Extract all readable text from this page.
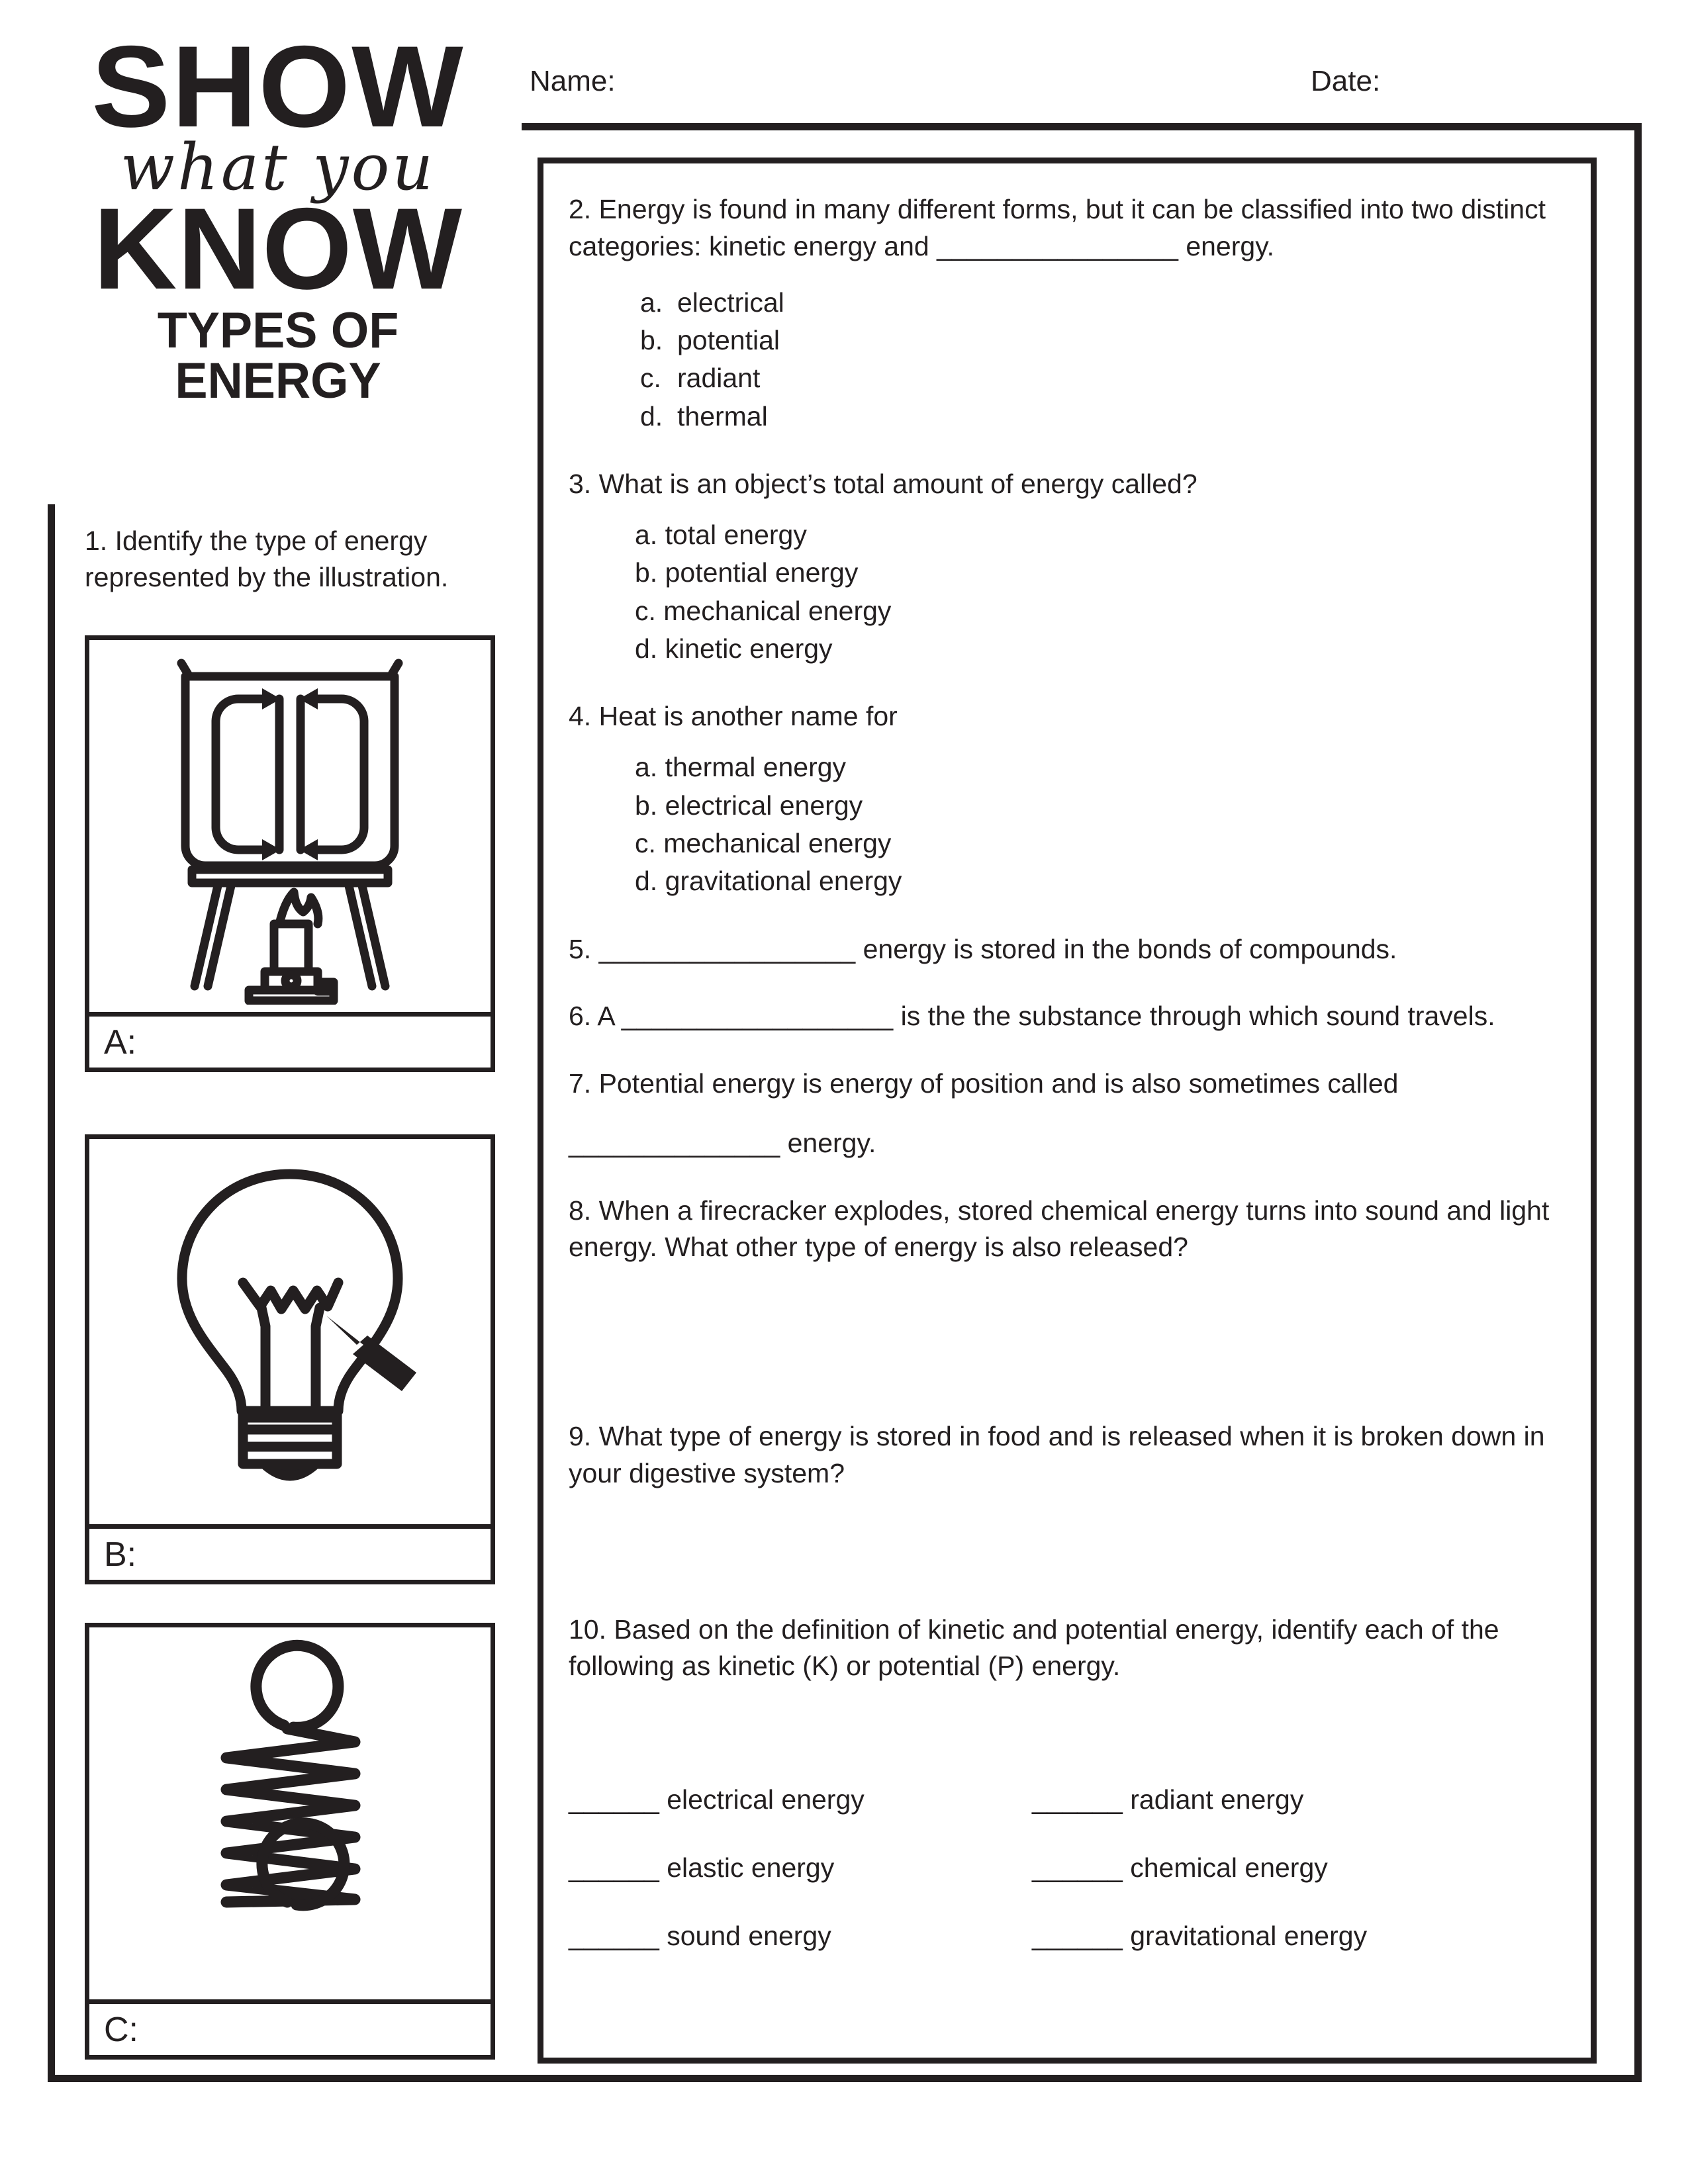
SHOW
what you
KNOW
TYPES OF ENERGY
Name:	Date:
1. Identify the type of energy represented by the illustration.
A:
B:
C:
2. Energy is found in many different forms, but it can be classified into two distinct categories: kinetic energy and ________________ energy.
a. electrical
b. potential
c. radiant
d. thermal
3. What is an object’s total amount of energy called?
a. total energy
b. potential energy
c. mechanical energy
d. kinetic energy
4. Heat is another name for
a. thermal energy
b. electrical energy
c. mechanical energy
d. gravitational energy
5. _________________ energy is stored in the bonds of compounds.
6. A __________________ is the the substance through which sound travels.
7. Potential energy is energy of position and is also sometimes called
______________ energy.
8. When a firecracker explodes, stored chemical energy turns into sound and light energy. What other type of energy is also released?
9. What type of energy is stored in food and is released when it is broken down in your digestive system?
10. Based on the definition of kinetic and potential energy, identify each of the following as kinetic (K) or potential (P) energy.
______ electrical energy	______ radiant energy
______ elastic energy	______ chemical energy
______ sound energy	______ gravitational energy
